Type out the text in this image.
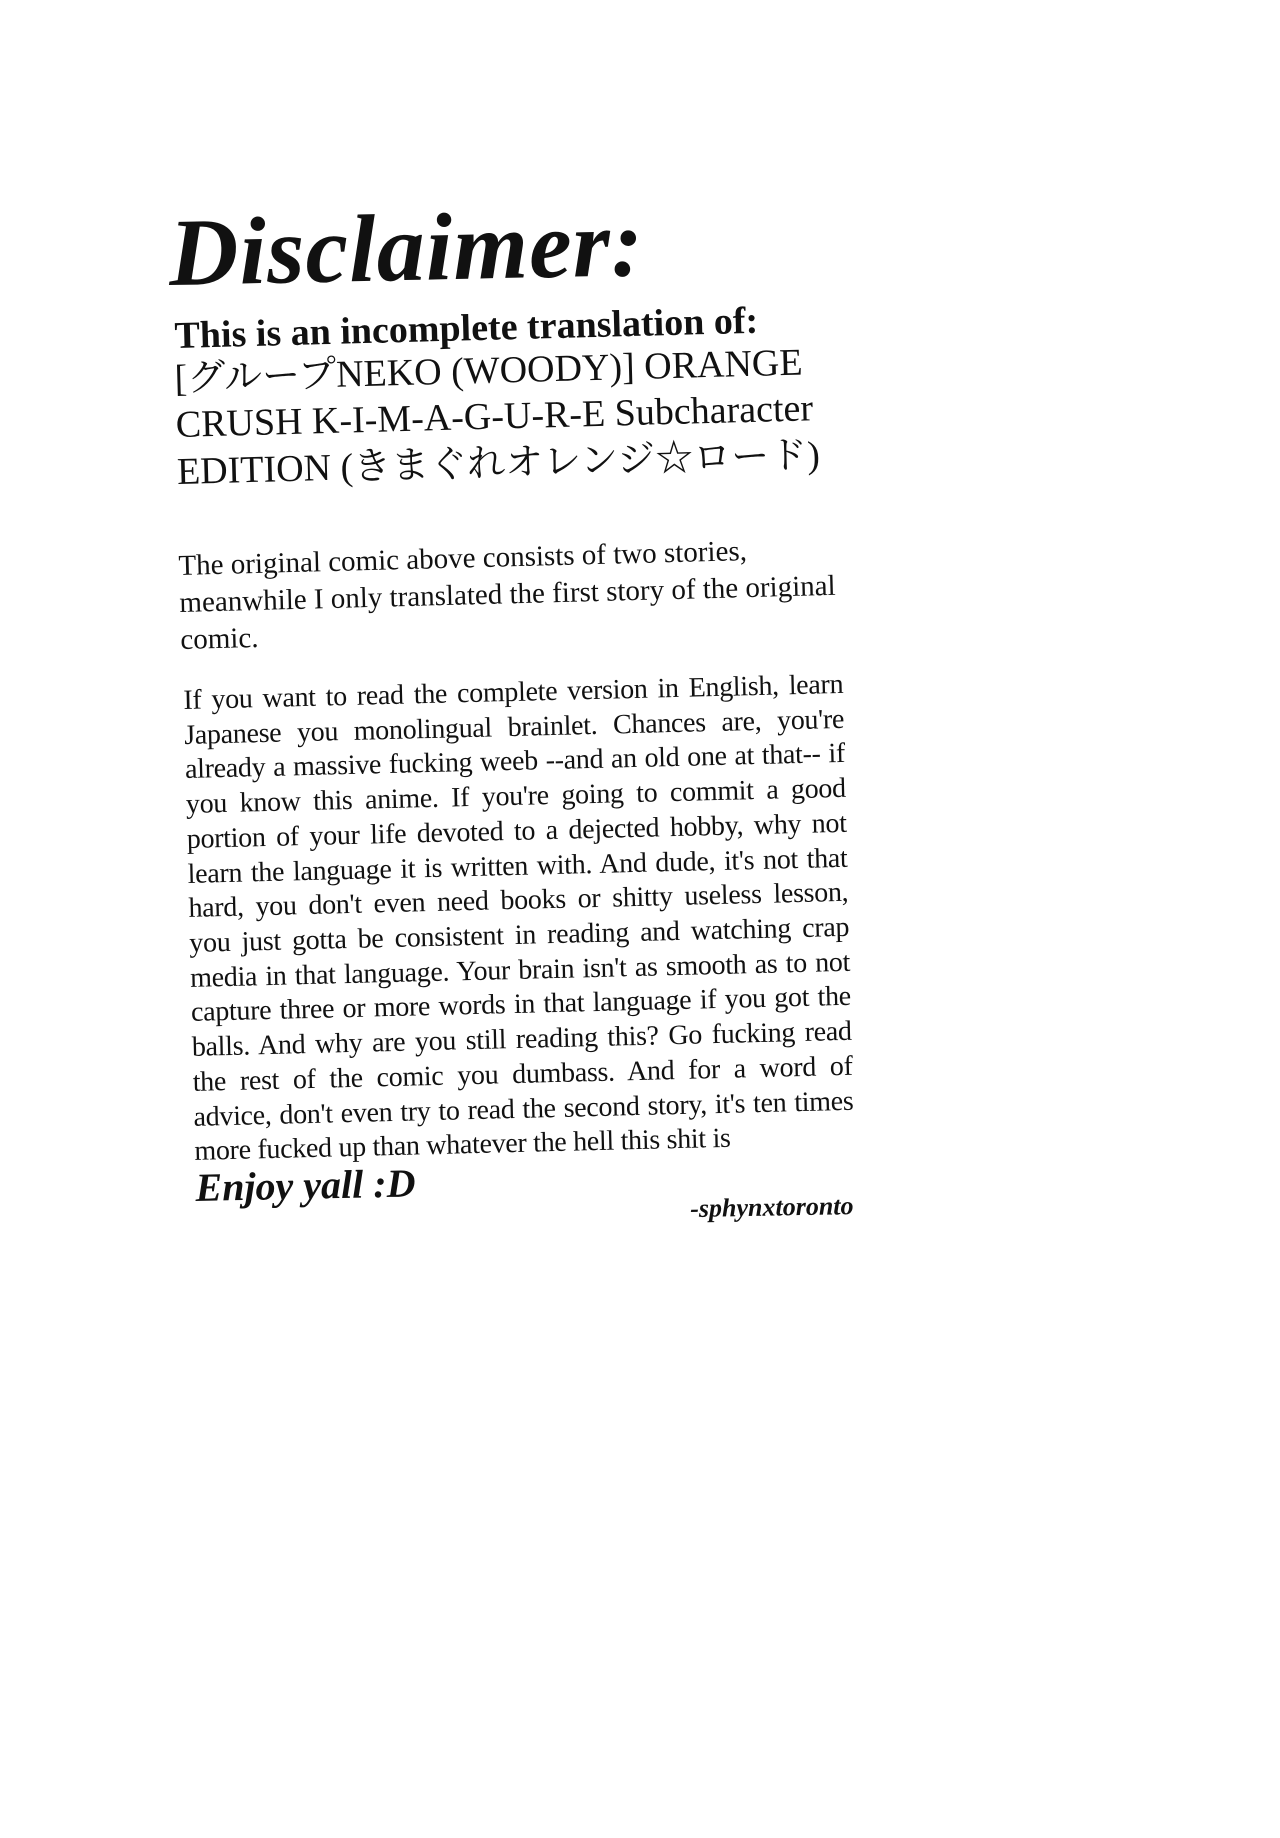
Disclaimer:
This is an incomplete translation of:
[グループNEKO (WOODY)] ORANGE
CRUSH K-I-M-A-G-U-R-E Subcharacter
EDITION (きまぐれオレンジ☆ロード)
The original comic above consists of two stories, meanwhile I only translated the first story of the original comic.
If you want to read the complete version in English, learn Japanese you monolingual brainlet. Chances are, you're already a massive fucking weeb --and an old one at that-- if you know this anime. If you're going to commit a good portion of your life devoted to a dejected hobby, why not learn the language it is written with. And dude, it's not that hard, you don't even need books or shitty useless lesson, you just gotta be consistent in reading and watching crap media in that language. Your brain isn't as smooth as to not capture three or more words in that language if you got the balls. And why are you still reading this? Go fucking read the rest of the comic you dumbass. And for a word of advice, don't even try to read the second story, it's ten times more fucked up than whatever the hell this shit is
Enjoy yall :D	-sphynxtoronto
